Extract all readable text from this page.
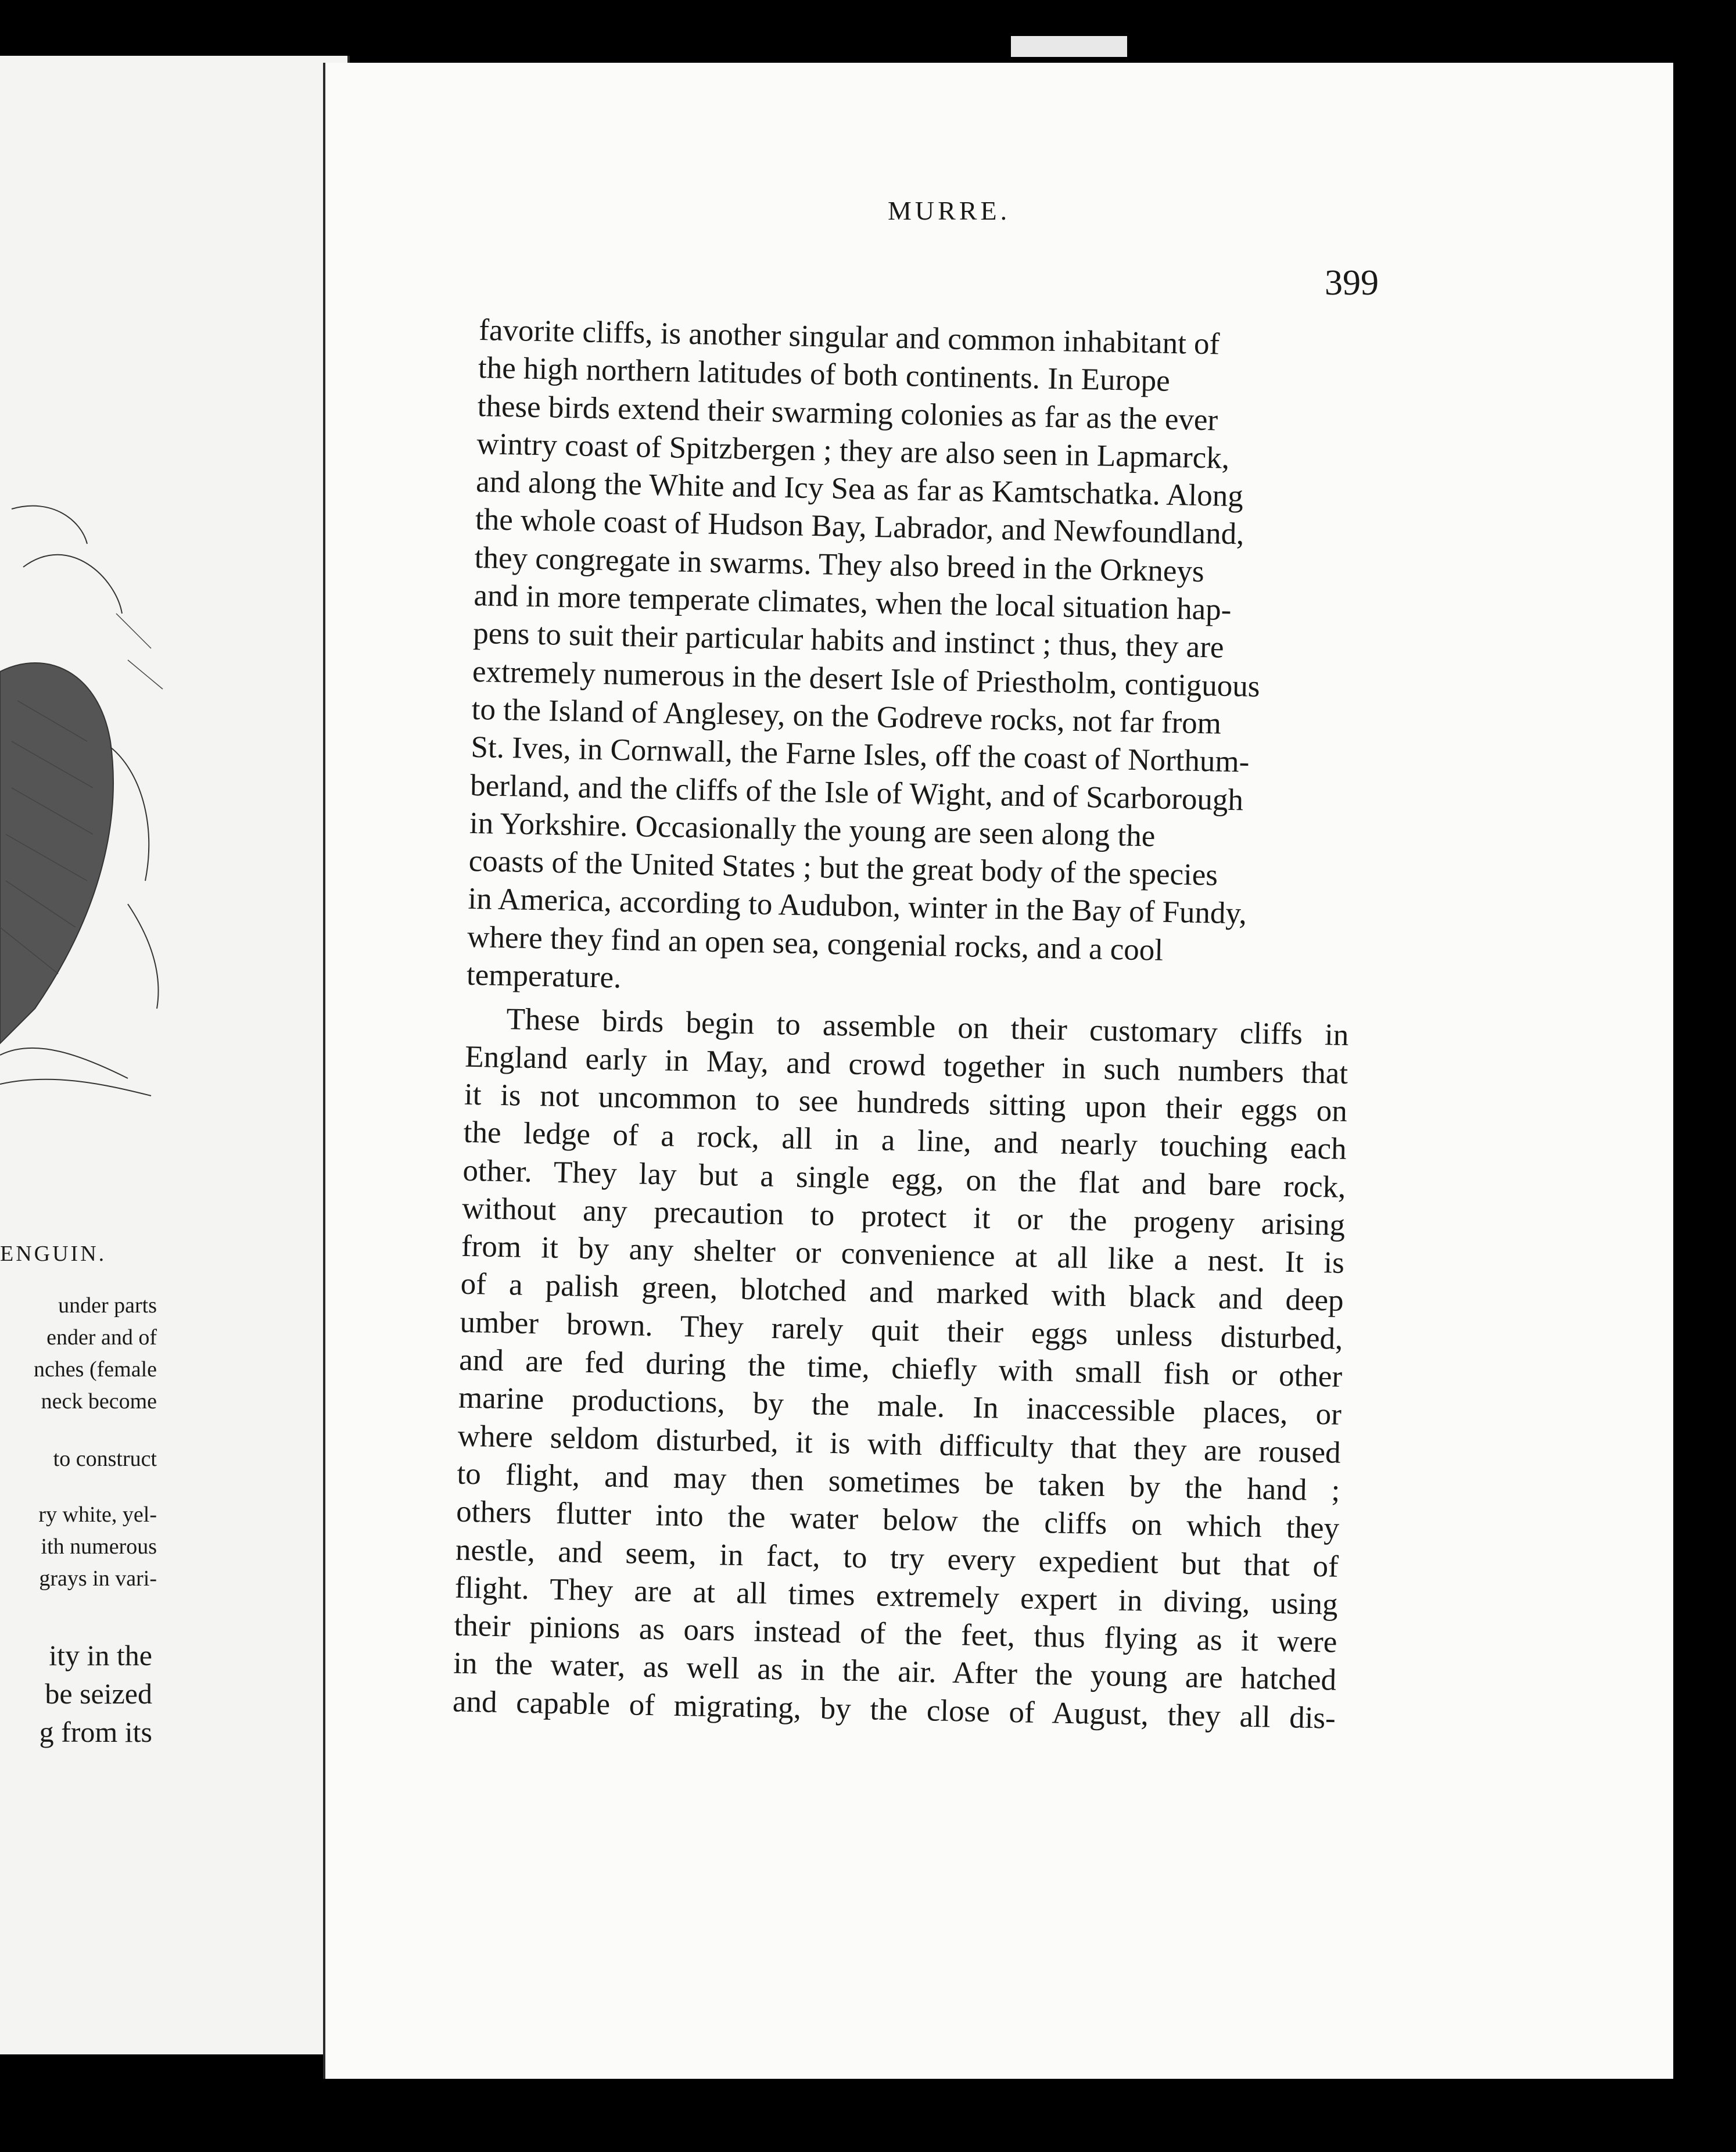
ENGUIN.
under parts
ender and of
nches (female
neck become
to construct
ry white, yel-
ith numerous
grays in vari-
ity in the
be seized
g from its
MURRE.
399
favorite cliffs, is another singular and common inhabitant of
the high northern latitudes of both continents. In Europe
these birds extend their swarming colonies as far as the ever
wintry coast of Spitzbergen ; they are also seen in Lapmarck,
and along the White and Icy Sea as far as Kamtschatka. Along
the whole coast of Hudson Bay, Labrador, and Newfoundland,
they congregate in swarms. They also breed in the Orkneys
and in more temperate climates, when the local situation hap-
pens to suit their particular habits and instinct ; thus, they are
extremely numerous in the desert Isle of Priestholm, contiguous
to the Island of Anglesey, on the Godreve rocks, not far from
St. Ives, in Cornwall, the Farne Isles, off the coast of Northum-
berland, and the cliffs of the Isle of Wight, and of Scarborough
in Yorkshire. Occasionally the young are seen along the
coasts of the United States ; but the great body of the species
in America, according to Audubon, winter in the Bay of Fundy,
where they find an open sea, congenial rocks, and a cool
temperature.
These birds begin to assemble on their customary cliffs in
England early in May, and crowd together in such numbers that
it is not uncommon to see hundreds sitting upon their eggs on
the ledge of a rock, all in a line, and nearly touching each
other. They lay but a single egg, on the flat and bare rock,
without any precaution to protect it or the progeny arising
from it by any shelter or convenience at all like a nest. It is
of a palish green, blotched and marked with black and deep
umber brown. They rarely quit their eggs unless disturbed,
and are fed during the time, chiefly with small fish or other
marine productions, by the male. In inaccessible places, or
where seldom disturbed, it is with difficulty that they are roused
to flight, and may then sometimes be taken by the hand ;
others flutter into the water below the cliffs on which they
nestle, and seem, in fact, to try every expedient but that of
flight. They are at all times extremely expert in diving, using
their pinions as oars instead of the feet, thus flying as it were
in the water, as well as in the air. After the young are hatched
and capable of migrating, by the close of August, they all dis-
